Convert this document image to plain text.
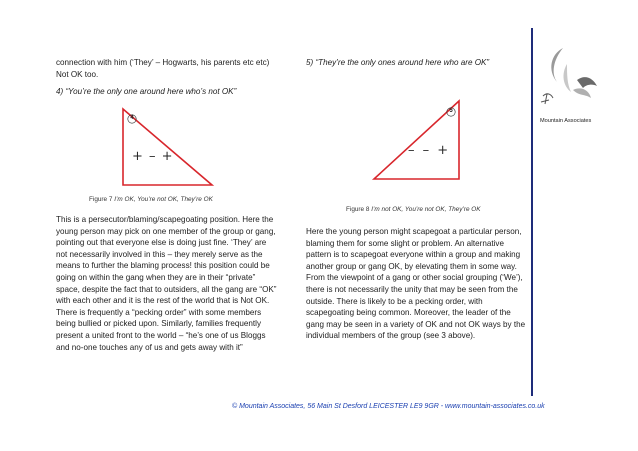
connection with him (‘They’ – Hogwarts, his parents etc etc)

Not OK too.

4) “You’re the only one around here who’s not OK”
4
+ – +
Figure 7 I’m OK, You’re not OK, They’re OK
This is a persecutor/blaming/scapegoating position. Here the
young person may pick on one member of the group or gang,
pointing out that everyone else is doing just fine. ‘They’ are
not necessarily involved in this – they merely serve as the
means to further the blaming process! this position could be
going on within the gang when they are in their “private”
space, despite the fact that to outsiders, all the gang are “OK”
with each other and it is the rest of the world that is Not OK.
There is frequently a “pecking order” with some members
being bullied or picked upon. Similarly, families frequently
present a united front to the world – “he’s one of us Bloggs
and no-one touches any of us and gets away with it”
5) “They’re the only ones around here who are OK”
5
– – +
Figure 8 I’m not OK, You’re not OK, They’re OK
Here the young person might scapegoat a particular person,
blaming them for some slight or problem. An alternative
pattern is to scapegoat everyone within a group and making
another group or gang OK, by elevating them in some way.
From the viewpoint of a gang or other social grouping (‘We’),
there is not necessarily the unity that may be seen from the
outside. There is likely to be a pecking order, with
scapegoating being common. Moreover, the leader of the
gang may be seen in a variety of OK and not OK ways by the
individual members of the group (see 3 above).
Mountain Associates
© Mountain Associates, 56 Main St Desford LEICESTER LE9 9GR - www.mountain-associates.co.uk
